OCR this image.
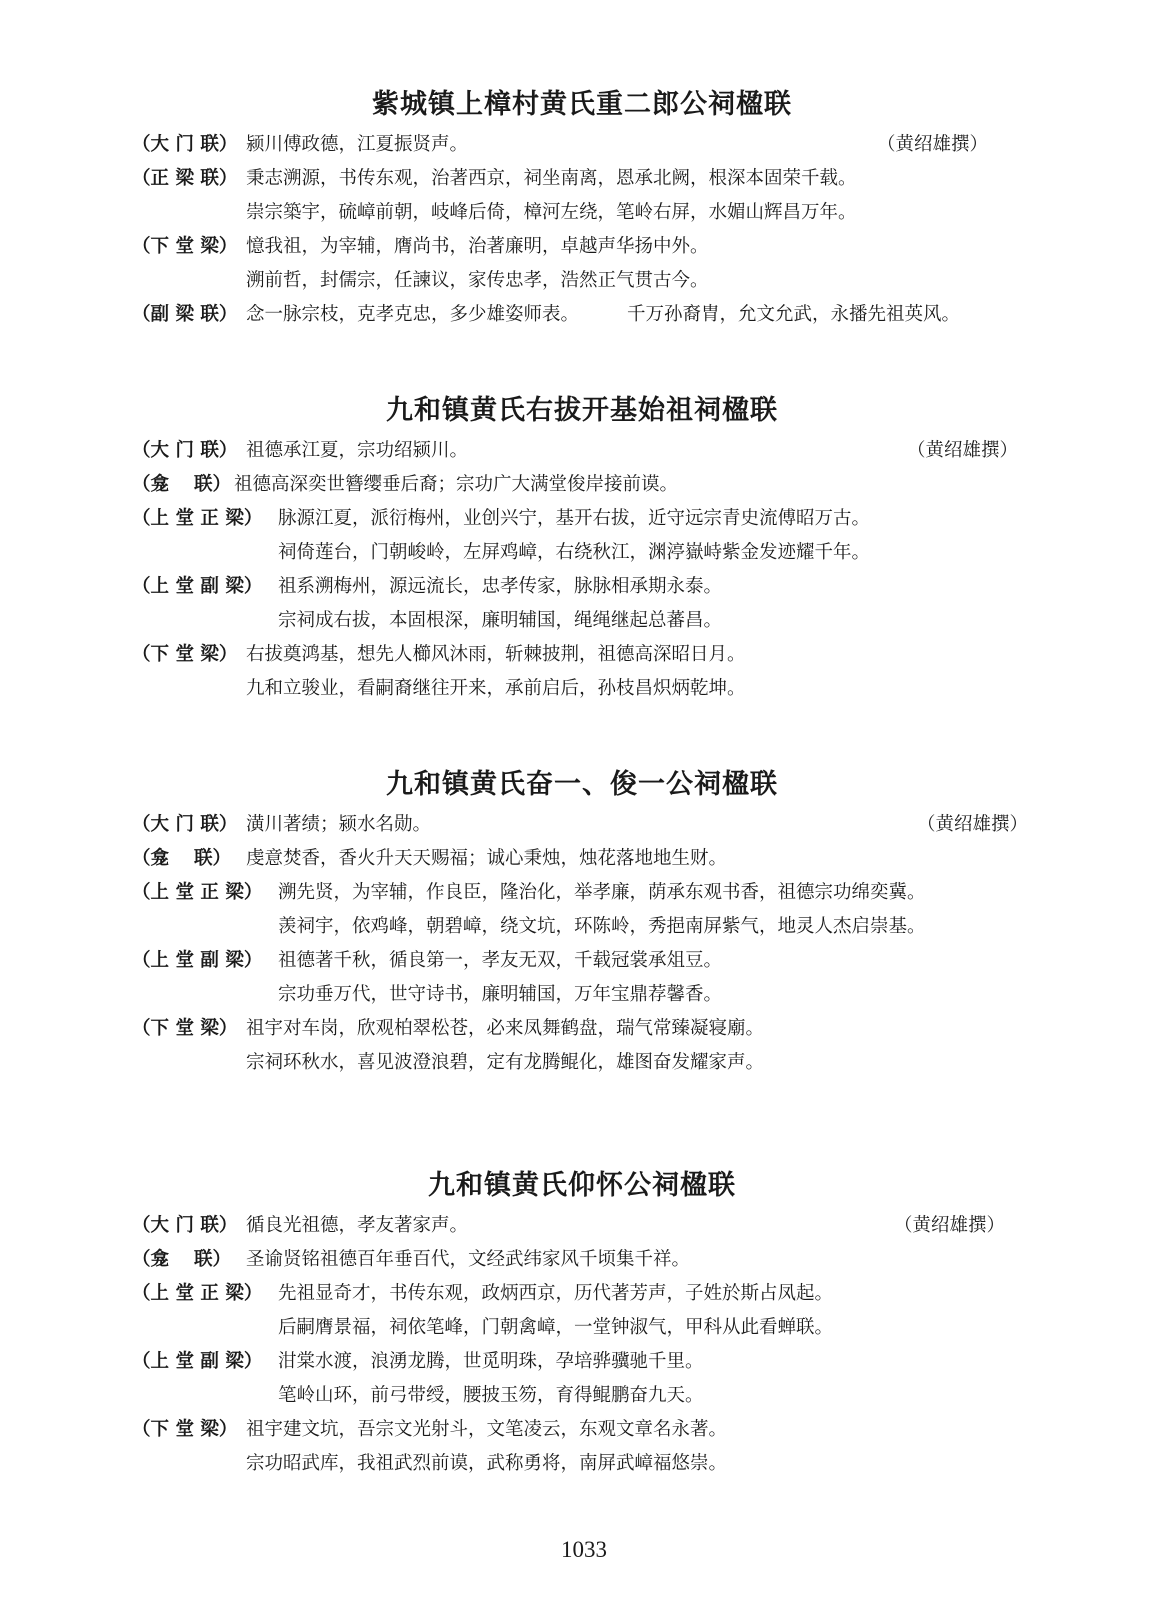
紫城镇上樟村黄氏重二郎公祠楹联
（大 门 联） 颍川傅政德，江夏振贤声。	（黄绍雄撰）
（正 梁 联） 秉志溯源，书传东观，治著西京，祠坐南离，恩承北阙，根深本固荣千载。
崇宗築宇，硫嶂前朝，岐峰后倚，樟河左绕，笔岭右屏，水媚山辉昌万年。
（下 堂 梁） 憶我祖，为宰辅，膺尚书，治著廉明，卓越声华扬中外。
溯前哲，封儒宗，任諫议，家传忠孝，浩然正气贯古今。
（副 梁 联） 念一脉宗枝，克孝克忠，多少雄姿师表。	千万孙裔胄，允文允武，永播先祖英风。
九和镇黄氏右拔开基始祖祠楹联
（大 门 联） 祖德承江夏，宗功绍颍川。	（黄绍雄撰）
（龛　 联） 祖德高深奕世簪缨垂后裔；宗功广大满堂俊岸接前谟。
（上 堂 正 梁） 脉源江夏，派衍梅州，业创兴宁，基开右拔，近守远宗青史流傅昭万古。
祠倚莲台，门朝峻岭，左屏鸡嶂，右绕秋江，渊渟嶽峙紫金发迹耀千年。
（上 堂 副 梁） 祖系溯梅州，源远流长，忠孝传家，脉脉相承期永泰。
宗祠成右拔，本固根深，廉明辅国，绳绳继起总蕃昌。
（下 堂 梁） 右拔奠鸿基，想先人櫛风沐雨，斩棘披荆，祖德高深昭日月。
九和立骏业，看嗣裔继往开来，承前启后，孙枝昌炽炳乾坤。
九和镇黄氏奋一、俊一公祠楹联
（大 门 联） 潢川著绩；颍水名勋。	（黄绍雄撰）
（龛　 联） 虔意焚香，香火升天天赐福；诚心秉烛，烛花落地地生财。
（上 堂 正 梁） 溯先贤，为宰辅，作良臣，隆治化，举孝廉，荫承东观书香，祖德宗功绵奕冀。
羡祠宇，依鸡峰，朝碧嶂，绕文坑，环陈岭，秀挹南屏紫气，地灵人杰启崇基。
（上 堂 副 梁） 祖德著千秋，循良第一，孝友无双，千载冠裳承俎豆。
宗功垂万代，世守诗书，廉明辅国，万年宝鼎荐馨香。
（下 堂 梁） 祖宇对车岗，欣观柏翠松苍，必来凤舞鹤盘，瑞气常臻凝寝廟。
宗祠环秋水，喜见波澄浪碧，定有龙腾鲲化，雄图奋发耀家声。
九和镇黄氏仰怀公祠楹联
（大 门 联） 循良光祖德，孝友著家声。	（黄绍雄撰）
（龛　 联） 圣谕贤铭祖德百年垂百代，文经武纬家风千顷集千祥。
（上 堂 正 梁） 先祖显奇才，书传东观，政炳西京，历代著芳声，子姓於斯占凤起。
后嗣膺景福，祠依笔峰，门朝禽嶂，一堂钟淑气，甲科从此看蝉联。
（上 堂 副 梁） 泔棠水渡，浪湧龙腾，世觅明珠，孕培骅骥驰千里。
笔岭山环，前弓带绶，腰披玉笏，育得鲲鹏奋九天。
（下 堂 梁） 祖宇建文坑，吾宗文光射斗，文笔凌云，东观文章名永著。
宗功昭武库，我祖武烈前谟，武称勇将，南屏武嶂福悠崇。
1033
